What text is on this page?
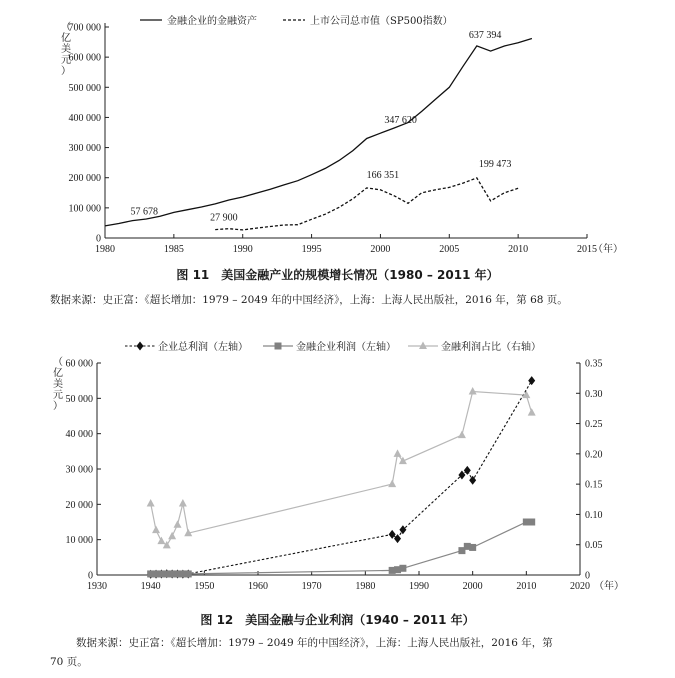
0
100 000
200 000
300 000
400 000
500 000
600 000
700 000
1980	1985	1990	1995	2000	2005	2010	2015
（年）
（
亿
美
元
）
金融企业的金融资产	上市公司总市值（SP500指数）
57 678
27 900
347 620
166 351
637 394
199 473
图 11　美国金融产业的规模增长情况（1980 – 2011 年）
数据来源：史正富：《超长增加：1979 – 2049 年的中国经济》，上海：上海人民出版社，2016 年，第 68 页。
0
10 000
20 000
30 000
40 000
50 000
60 000
0
0.05
0.10
0.15
0.20
0.25
0.30
0.35
1930	1940	1950	1960	1970	1980	1990	2000	2010	2020 （年）
（
亿
美
元
）
企业总利润（左轴）	金融企业利润（左轴）	金融利润占比（右轴）
图 12　美国金融与企业利润（1940 – 2011 年）
数据来源：史正富：《超长增加：1979 – 2049 年的中国经济》，上海：上海人民出版社，2016 年，第
70 页。
